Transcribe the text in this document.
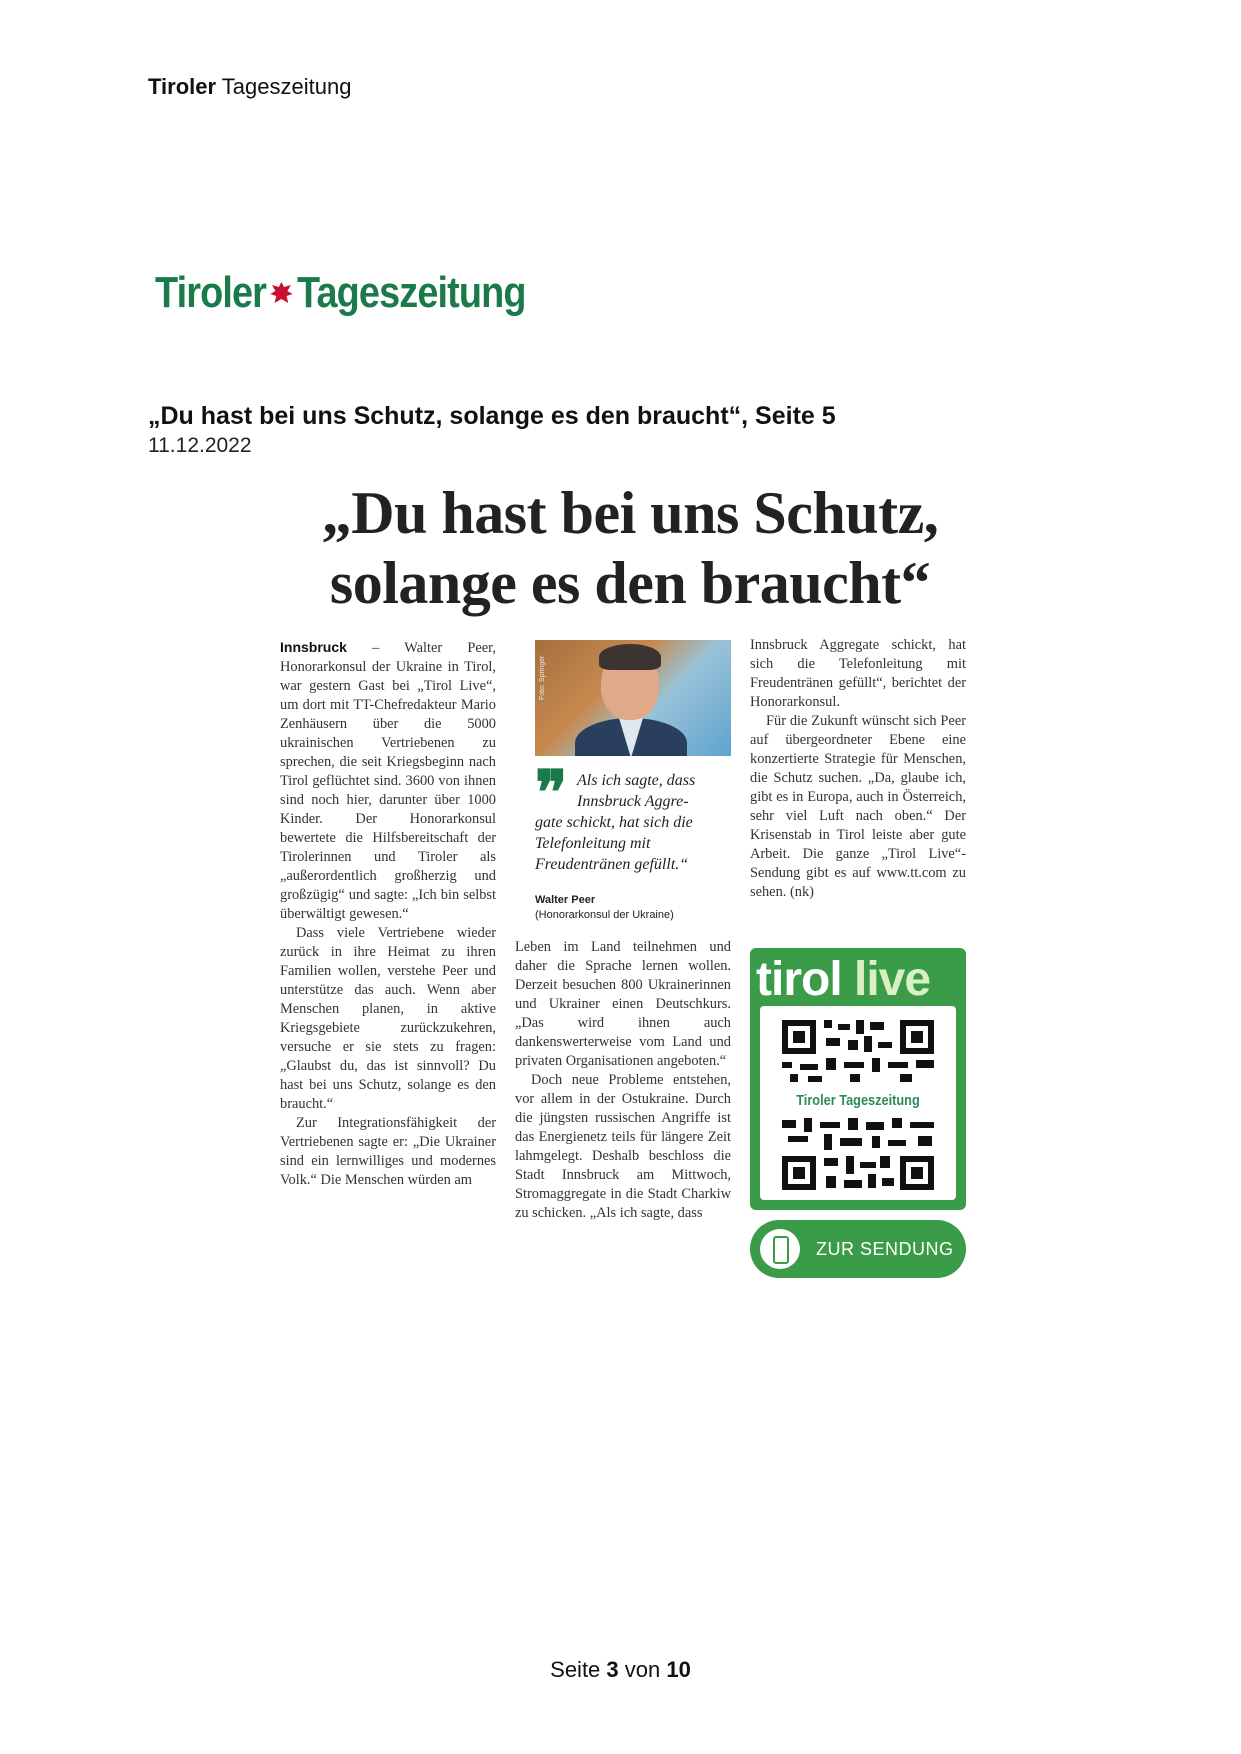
Tiroler Tageszeitung
Tiroler Tageszeitung
„Du hast bei uns Schutz, solange es den braucht“, Seite 5
11.12.2022
„Du hast bei uns Schutz,
solange es den braucht“

Innsbruck – Walter Peer, Honorarkonsul der Ukraine in Tirol, war gestern Gast bei „Tirol Live“, um dort mit TT-Chefredakteur Mario Zenhäusern über die 5000 ukrainischen Vertriebenen zu sprechen, die seit Kriegsbeginn nach Tirol geflüchtet sind. 3600 von ihnen sind noch hier, darunter über 1000 Kinder. Der Honorarkonsul bewertete die Hilfsbereitschaft der Tirolerinnen und Tiroler als „außerordentlich großherzig und großzügig“ und sagte: „Ich bin selbst überwältigt gewesen.“

Dass viele Vertriebene wieder zurück in ihre Heimat zu ihren Familien wollen, verstehe Peer und unterstütze das auch. Wenn aber Menschen planen, in aktive Kriegsgebiete zurückzukehren, versuche er sie stets zu fragen: „Glaubst du, das ist sinnvoll? Du hast bei uns Schutz, solange es den braucht.“

Zur Integrationsfähigkeit der Vertriebenen sagte er: „Die Ukrainer sind ein lernwilliges und modernes Volk.“ Die Menschen würden am

Foto: Springer
❞ Als ich sagte, dass Innsbruck Aggre-
gate schickt, hat sich die Telefonleitung mit Freudentränen gefüllt.“
Walter Peer
(Honorarkonsul der Ukraine)

Leben im Land teilnehmen und daher die Sprache lernen wollen. Derzeit besuchen 800 Ukrainerinnen und Ukrainer einen Deutschkurs. „Das wird ihnen auch dankenswerterweise vom Land und privaten Organisationen angeboten.“

Doch neue Probleme entstehen, vor allem in der Ostukraine. Durch die jüngsten russischen Angriffe ist das Energienetz teils für längere Zeit lahmgelegt. Deshalb beschloss die Stadt Innsbruck am Mittwoch, Stromaggregate in die Stadt Charkiw zu schicken. „Als ich sagte, dass

Innsbruck Aggregate schickt, hat sich die Telefonleitung mit Freudentränen gefüllt“, berichtet der Honorarkonsul.

Für die Zukunft wünscht sich Peer auf übergeordneter Ebene eine konzertierte Strategie für Menschen, die Schutz suchen. „Da, glaube ich, gibt es in Europa, auch in Österreich, sehr viel Luft nach oben.“ Der Krisenstab in Tirol leiste aber gute Arbeit. Die ganze „Tirol Live“-Sendung gibt es auf www.tt.com zu sehen. (nk)

tirol live
Tiroler Tageszeitung
ZUR SENDUNG
Seite 3 von 10
